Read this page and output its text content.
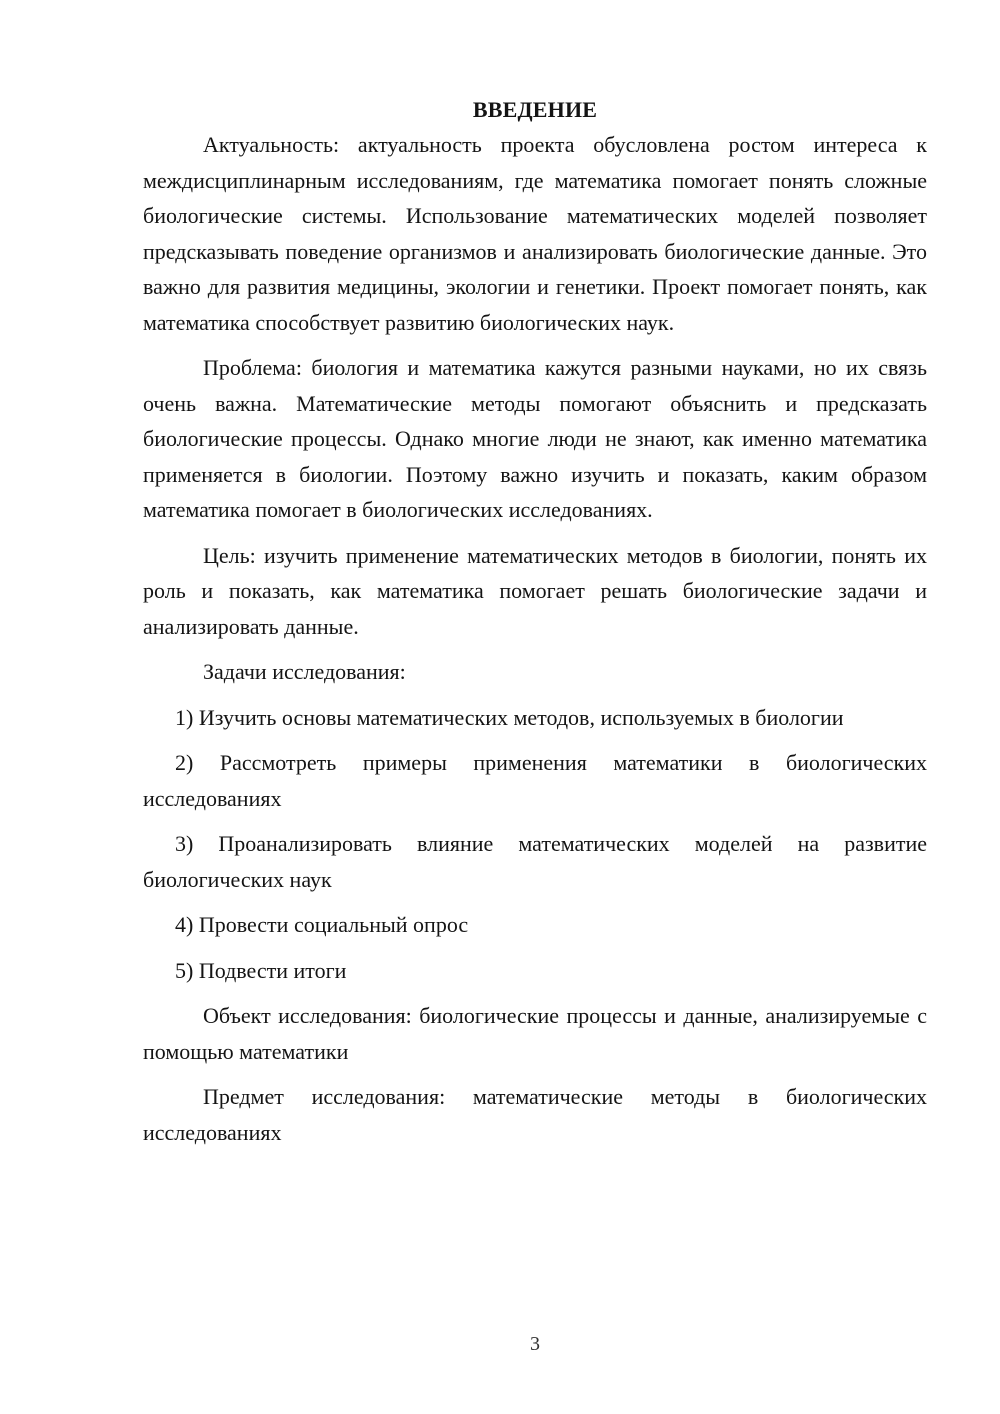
ВВЕДЕНИЕ

Актуальность: актуальность проекта обусловлена ростом интереса к междисциплинарным исследованиям, где математика помогает понять сложные биологические системы. Использование математических моделей позволяет предсказывать поведение организмов и анализировать биологические данные. Это важно для развития медицины, экологии и генетики. Проект помогает понять, как математика способствует развитию биологических наук.

Проблема: биология и математика кажутся разными науками, но их связь очень важна. Математические методы помогают объяснить и предсказать биологические процессы. Однако многие люди не знают, как именно математика применяется в биологии. Поэтому важно изучить и показать, каким образом математика помогает в биологических исследованиях.

Цель: изучить применение математических методов в биологии, понять их роль и показать, как математика помогает решать биологические задачи и анализировать данные.

Задачи исследования:

1) Изучить основы математических методов, используемых в биологии

2) Рассмотреть примеры применения математики в биологических исследованиях

3) Проанализировать влияние математических моделей на развитие биологических наук

4) Провести социальный опрос

5) Подвести итоги

Объект исследования: биологические процессы и данные, анализируемые с помощью математики

Предмет исследования: математические методы в биологических исследованиях

3
